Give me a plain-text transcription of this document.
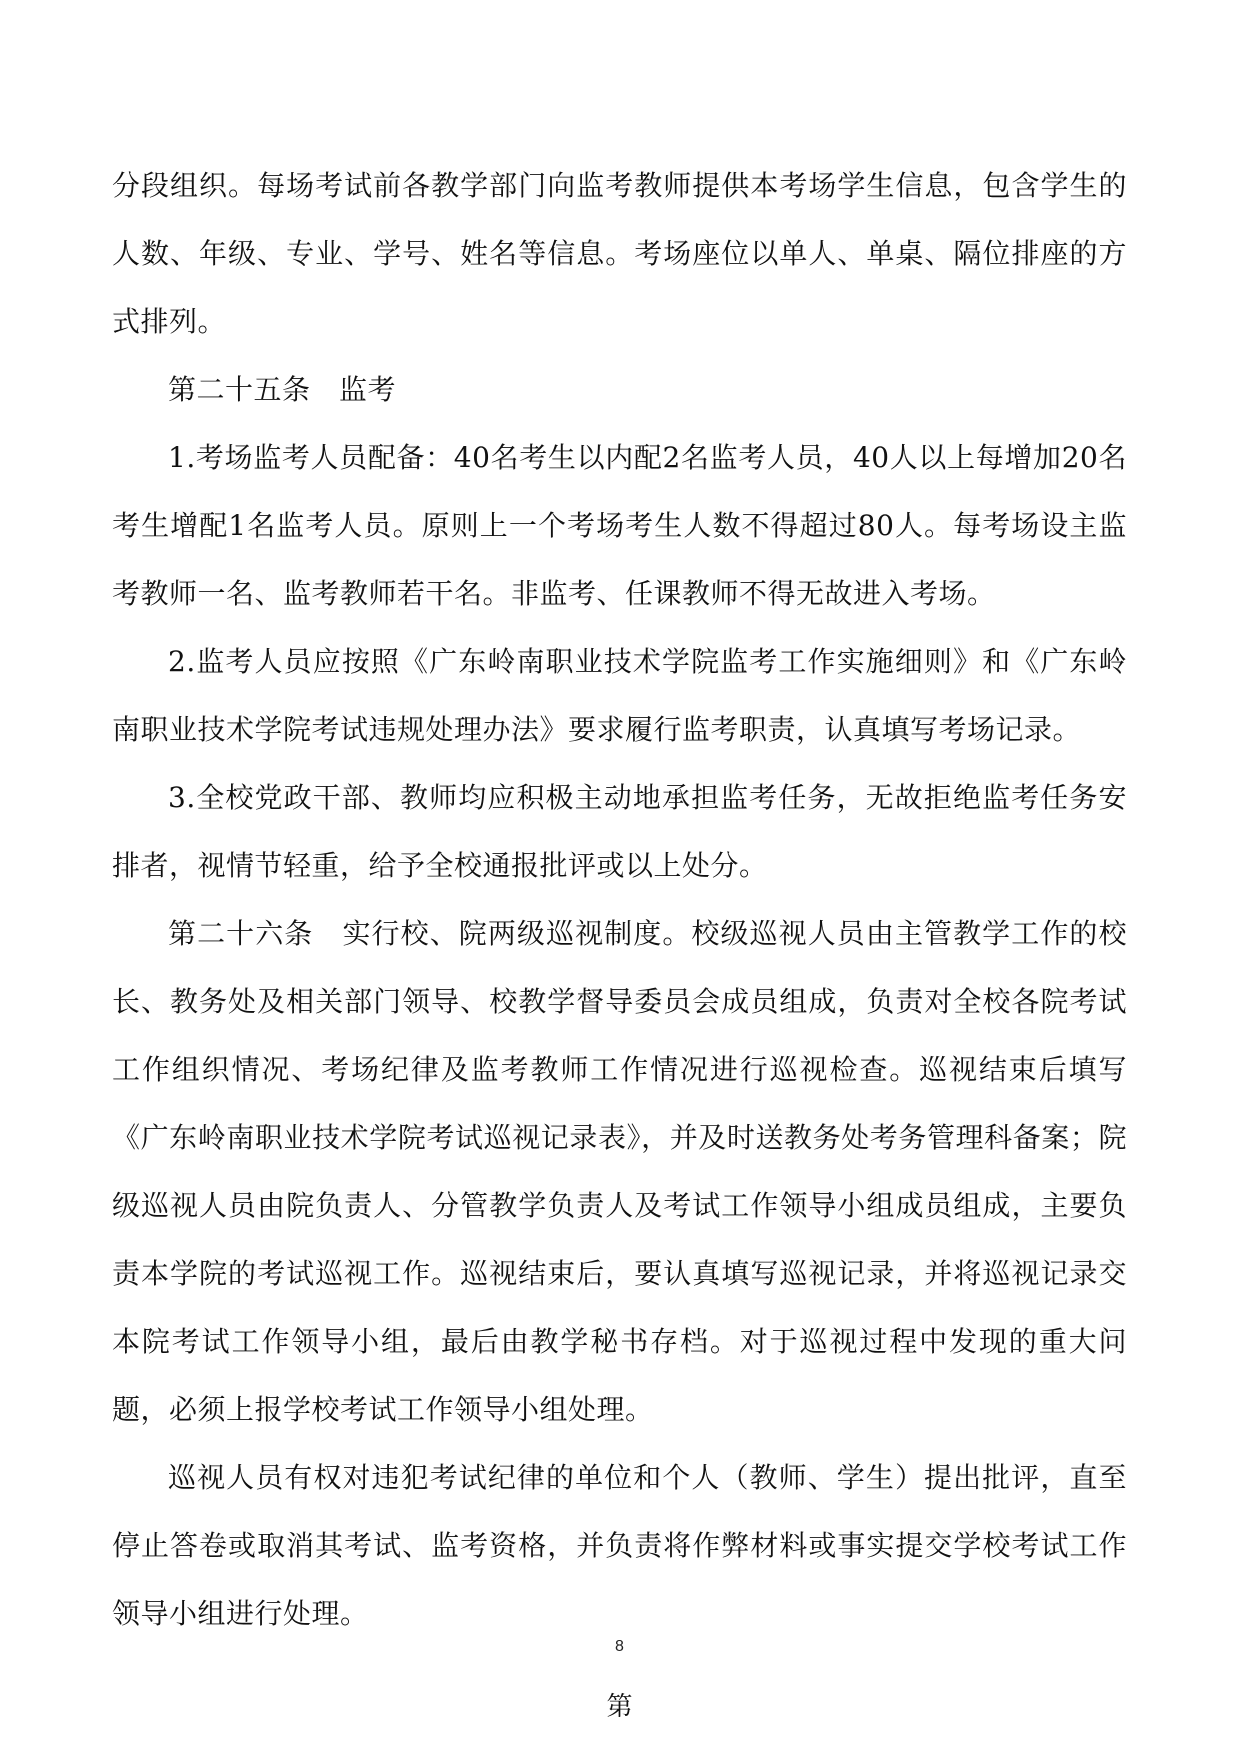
分段组织。每场考试前各教学部门向监考教师提供本考场学生信息，包含学生的人数、年级、专业、学号、姓名等信息。考场座位以单人、单桌、隔位排座的方式排列。

第二十五条　监考

1.考场监考人员配备：40名考生以内配2名监考人员，40人以上每增加20名考生增配1名监考人员。原则上一个考场考生人数不得超过80人。每考场设主监考教师一名、监考教师若干名。非监考、任课教师不得无故进入考场。

2.监考人员应按照《广东岭南职业技术学院监考工作实施细则》和《广东岭南职业技术学院考试违规处理办法》要求履行监考职责，认真填写考场记录。

3.全校党政干部、教师均应积极主动地承担监考任务，无故拒绝监考任务安排者，视情节轻重，给予全校通报批评或以上处分。

第二十六条　实行校、院两级巡视制度。校级巡视人员由主管教学工作的校长、教务处及相关部门领导、校教学督导委员会成员组成，负责对全校各院考试工作组织情况、考场纪律及监考教师工作情况进行巡视检查。巡视结束后填写《广东岭南职业技术学院考试巡视记录表》，并及时送教务处考务管理科备案；院级巡视人员由院负责人、分管教学负责人及考试工作领导小组成员组成，主要负责本学院的考试巡视工作。巡视结束后，要认真填写巡视记录，并将巡视记录交本院考试工作领导小组，最后由教学秘书存档。对于巡视过程中发现的重大问题，必须上报学校考试工作领导小组处理。

巡视人员有权对违犯考试纪律的单位和个人（教师、学生）提出批评，直至停止答卷或取消其考试、监考资格，并负责将作弊材料或事实提交学校考试工作领导小组进行处理。

8
第
